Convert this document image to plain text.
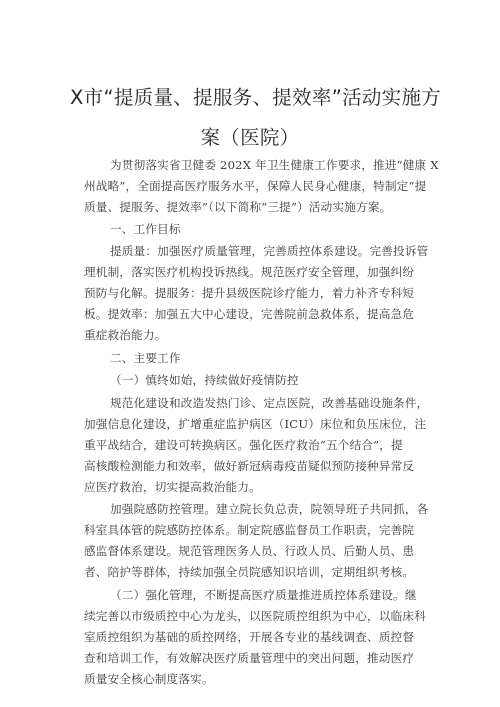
X市“提质量、提服务、提效率”活动实施方
案（医院）
为贯彻落实省卫健委 202X 年卫生健康工作要求，推进“健康 X
州战略”，全面提高医疗服务水平，保障人民身心健康，特制定“提
质量、提服务、提效率”（以下简称“三提”）活动实施方案。
一、工作目标
提质量：加强医疗质量管理，完善质控体系建设。完善投诉管
理机制，落实医疗机构投诉热线。规范医疗安全管理，加强纠纷
预防与化解。提服务：提升县级医院诊疗能力，着力补齐专科短
板。提效率：加强五大中心建设，完善院前急救体系，提高急危
重症救治能力。
二、主要工作
（一）慎终如始，持续做好疫情防控
规范化建设和改造发热门诊、定点医院，改善基础设施条件，
加强信息化建设，扩增重症监护病区（ICU）床位和负压床位，注
重平战结合，建设可转换病区。强化医疗救治“五个结合”，提
高核酸检测能力和效率，做好新冠病毒疫苗疑似预防接种异常反
应医疗救治，切实提高救治能力。
加强院感防控管理。建立院长负总责，院领导班子共同抓，各
科室具体管的院感防控体系。制定院感监督员工作职责，完善院
感监督体系建设。规范管理医务人员、行政人员、后勤人员、患
者、陪护等群体，持续加强全员院感知识培训，定期组织考核。
（二）强化管理，不断提高医疗质量推进质控体系建设。继
续完善以市级质控中心为龙头，以医院质控组织为中心，以临床科
室质控组织为基础的质控网络，开展各专业的基线调查、质控督
查和培训工作，有效解决医疗质量管理中的突出问题，推动医疗
质量安全核心制度落实。
